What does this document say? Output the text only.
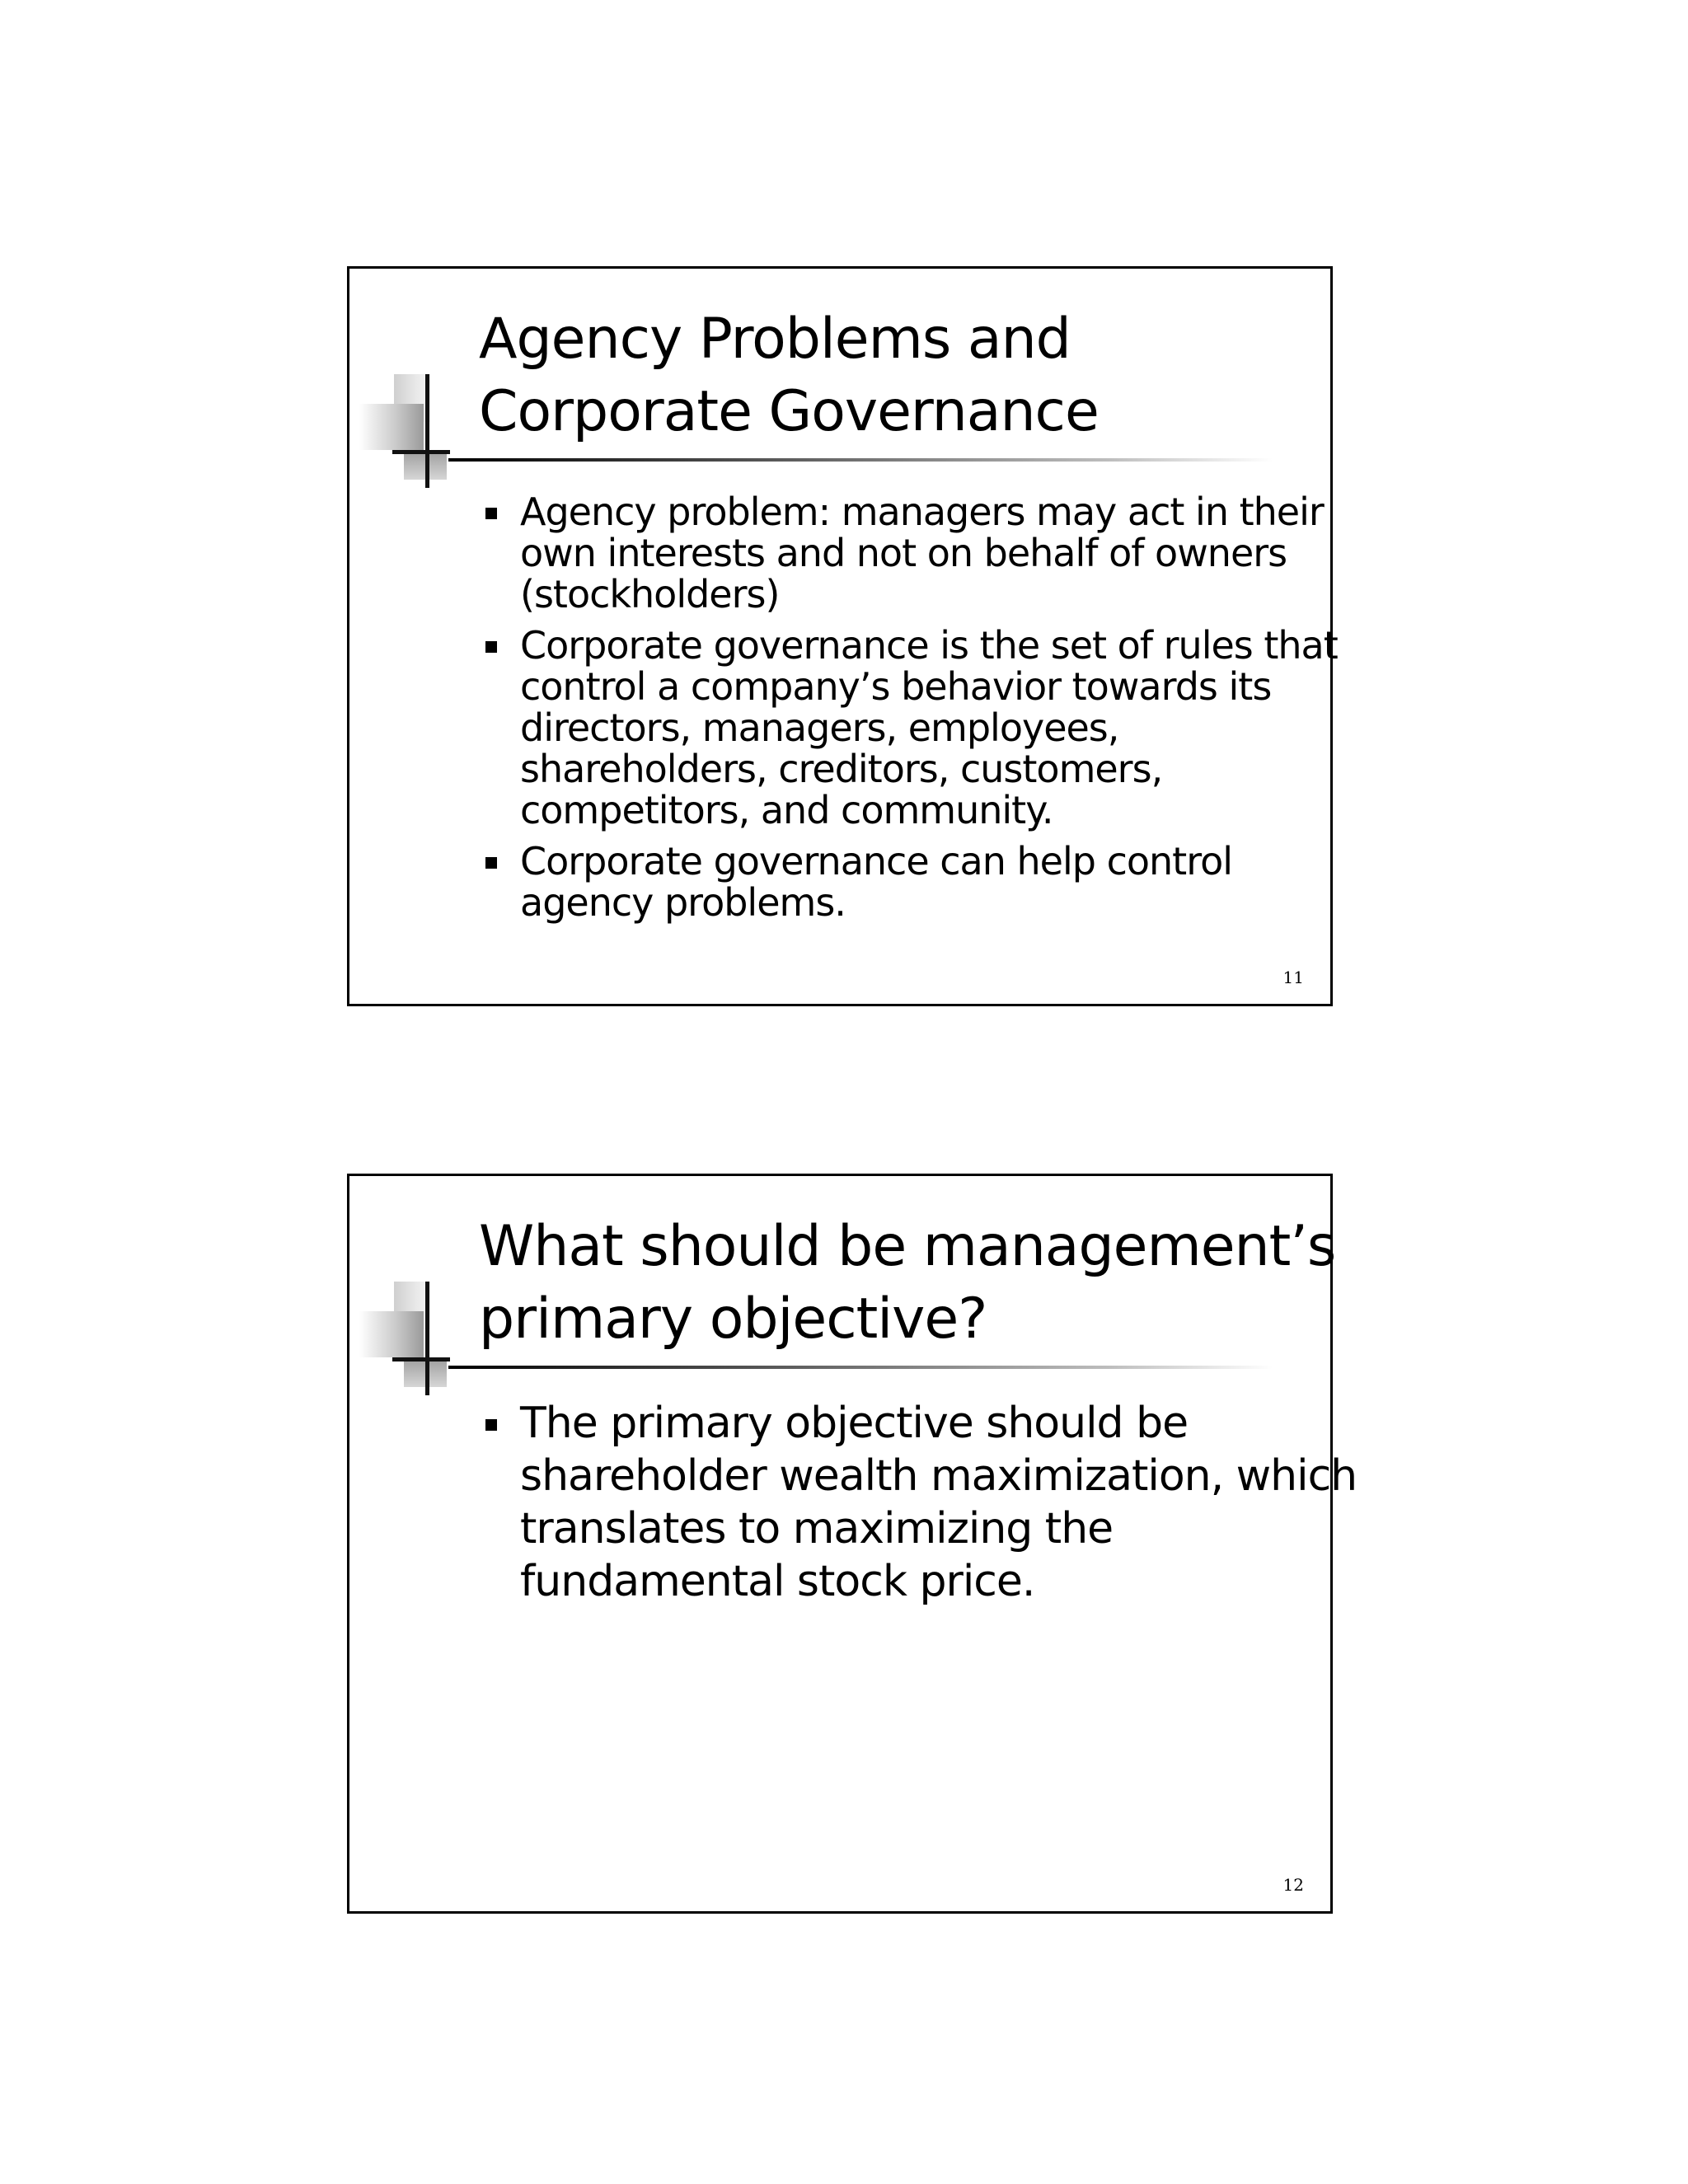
Agency Problems and
Corporate Governance
Agency problem: managers may act in their
own interests and not on behalf of owners
(stockholders)
Corporate governance is the set of rules that
control a company’s behavior towards its
directors, managers, employees,
shareholders, creditors, customers,
competitors, and community.
Corporate governance can help control
agency problems.
11
What should be management’s
primary objective?
The primary objective should be
shareholder wealth maximization, which
translates to maximizing the
fundamental stock price.
12
